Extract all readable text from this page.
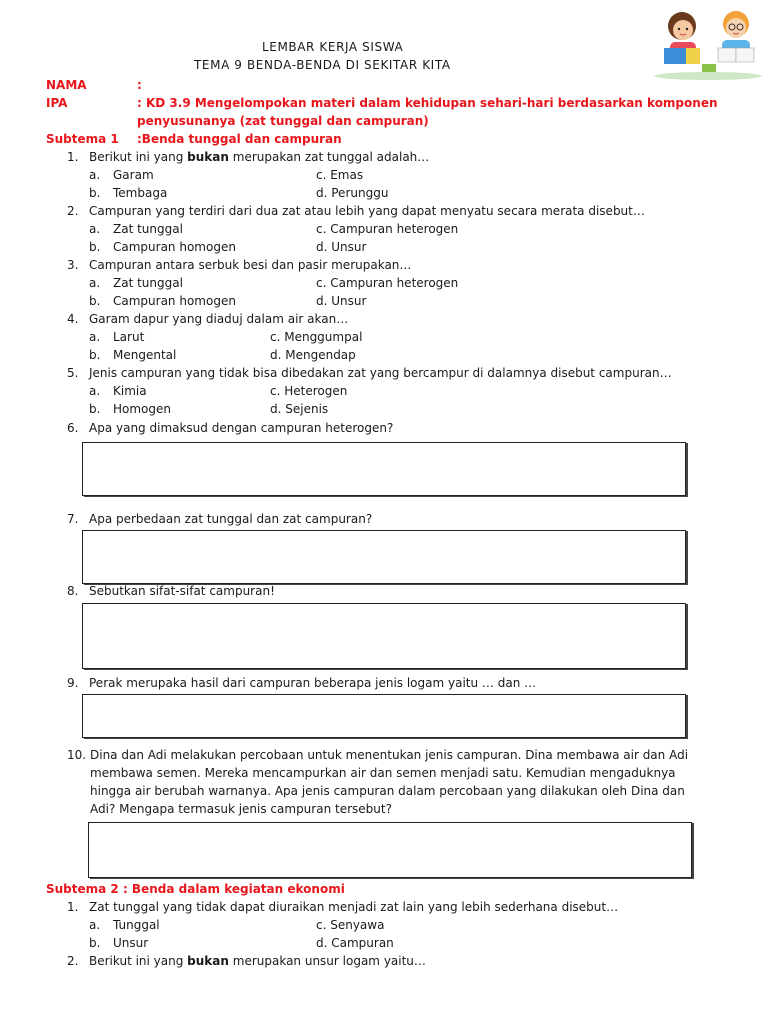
LEMBAR KERJA SISWA
TEMA 9 BENDA-BENDA DI SEKITAR KITA
NAMA	:
IPA	: KD 3.9 Mengelompokan materi dalam kehidupan sehari-hari berdasarkan komponen
penyusunanya (zat tunggal dan campuran)
Subtema 1 :Benda tunggal dan campuran
1. Berikut ini yang bukan merupakan zat tunggal adalah…
a. Garam	c. Emas
b. Tembaga	d. Perunggu
2. Campuran yang terdiri dari dua zat atau lebih yang dapat menyatu secara merata disebut…
a. Zat tunggal	c. Campuran heterogen
b. Campuran homogen	d. Unsur
3. Campuran antara serbuk besi dan pasir merupakan…
a. Zat tunggal	c. Campuran heterogen
b. Campuran homogen	d. Unsur
4. Garam dapur yang diaduj dalam air akan…
a. Larut	c. Menggumpal
b. Mengental	d. Mengendap
5. Jenis campuran yang tidak bisa dibedakan zat yang bercampur di dalamnya disebut campuran…
a. Kimia	c. Heterogen
b. Homogen	d. Sejenis
6. Apa yang dimaksud dengan campuran heterogen?
7. Apa perbedaan zat tunggal dan zat campuran?
8. Sebutkan sifat-sifat campuran!
9. Perak merupaka hasil dari campuran beberapa jenis logam yaitu … dan …
10. Dina dan Adi melakukan percobaan untuk menentukan jenis campuran. Dina membawa air dan Adi
membawa semen. Mereka mencampurkan air dan semen menjadi satu. Kemudian mengaduknya
hingga air berubah warnanya. Apa jenis campuran dalam percobaan yang dilakukan oleh Dina dan
Adi? Mengapa termasuk jenis campuran tersebut?
Subtema 2 : Benda dalam kegiatan ekonomi
1. Zat tunggal yang tidak dapat diuraikan menjadi zat lain yang lebih sederhana disebut…
a. Tunggal	c. Senyawa
b. Unsur	d. Campuran
2. Berikut ini yang bukan merupakan unsur logam yaitu…
